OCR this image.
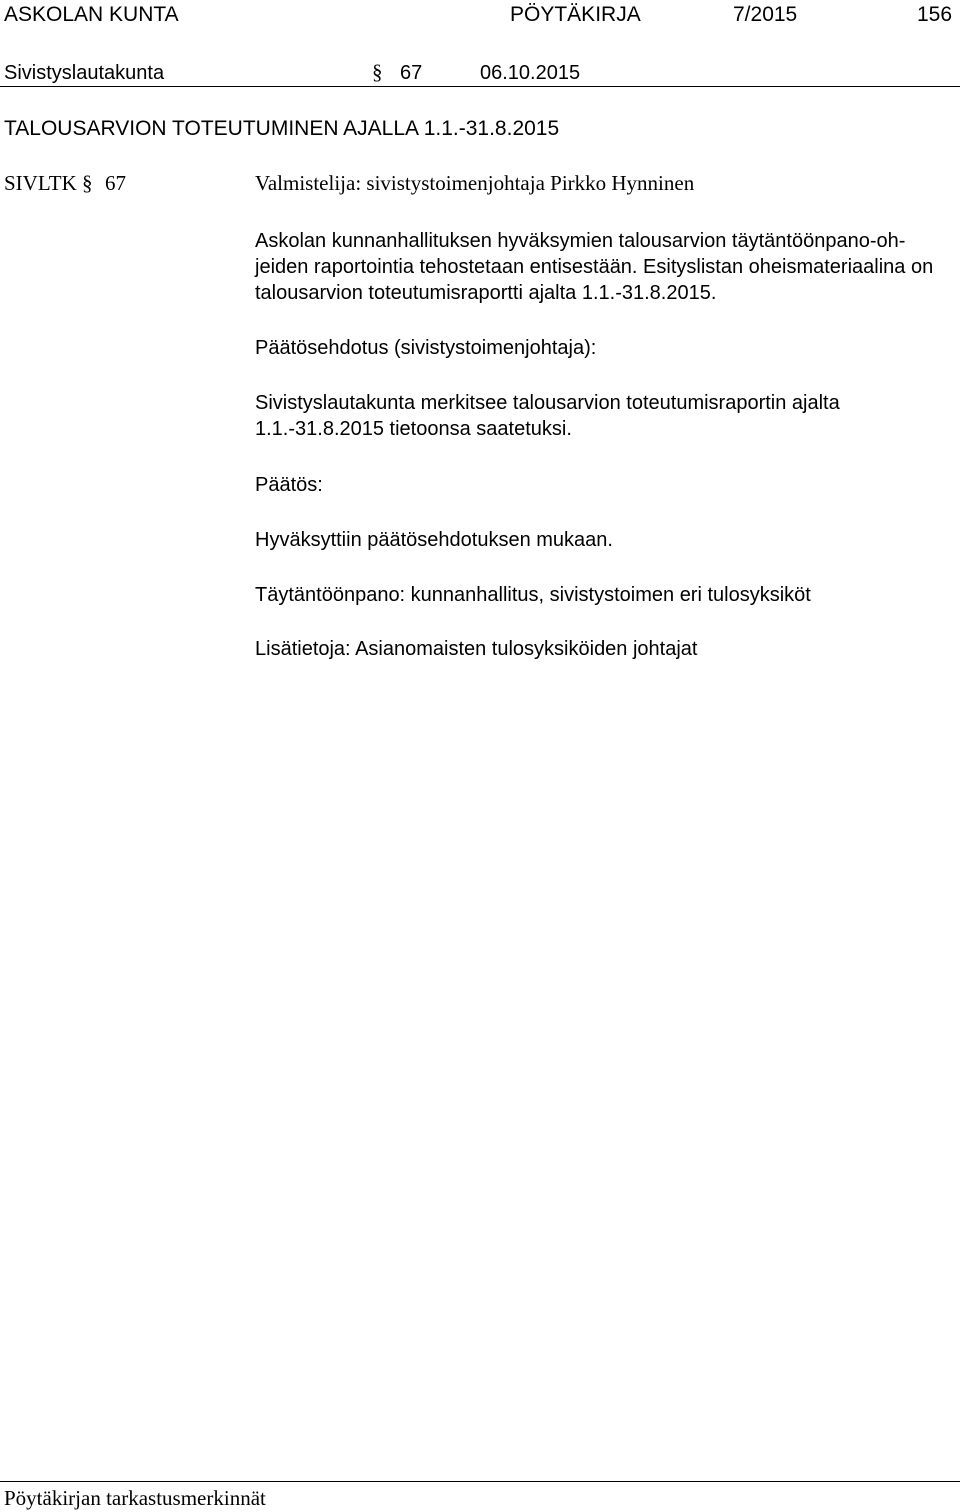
ASKOLAN KUNTA	PÖYTÄKIRJA	7/2015	156
Sivistyslautakunta	§ 67	06.10.2015
TALOUSARVION TOTEUTUMINEN AJALLA 1.1.-31.8.2015
SIVLTK § 67	Valmistelija: sivistystoimenjohtaja Pirkko Hynninen

Askolan kunnanhallituksen hyväksymien talousarvion täytäntöönpano-oh-

jeiden raportointia tehostetaan entisestään. Esityslistan oheismateriaalina on

talousarvion toteutumisraportti ajalta 1.1.-31.8.2015.

Päätösehdotus (sivistystoimenjohtaja):

Sivistyslautakunta merkitsee talousarvion toteutumisraportin ajalta

1.1.-31.8.2015 tietoonsa saatetuksi.

Päätös:
Hyväksyttiin päätösehdotuksen mukaan.
Täytäntöönpano: kunnanhallitus, sivistystoimen eri tulosyksiköt
Lisätietoja: Asianomaisten tulosyksiköiden johtajat
Pöytäkirjan tarkastusmerkinnät
